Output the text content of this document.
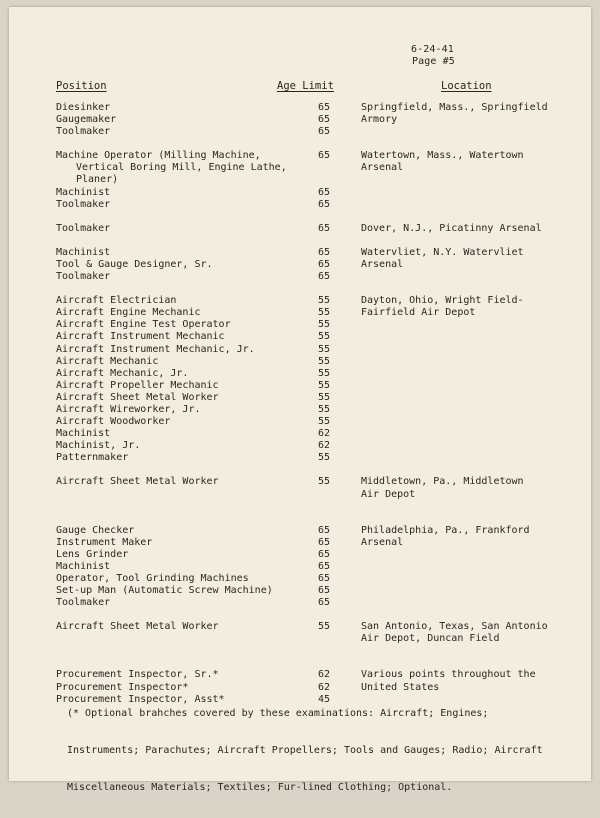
6-24-41
Page #5
Position	Age Limit	Location
Diesinker	65	Springfield, Mass., Springfield
Gaugemaker	65	Armory
Toolmaker	65
Machine Operator (Milling Machine,	65	Watertown, Mass., Watertown
Vertical Boring Mill, Engine Lathe,	Arsenal
Planer)
Machinist	65
Toolmaker	65
Toolmaker	65	Dover, N.J., Picatinny Arsenal
Machinist	65	Watervliet, N.Y. Watervliet
Tool & Gauge Designer, Sr.	65	Arsenal
Toolmaker	65
Aircraft Electrician	55	Dayton, Ohio, Wright Field-
Aircraft Engine Mechanic	55	Fairfield Air Depot
Aircraft Engine Test Operator	55
Aircraft Instrument Mechanic	55
Aircraft Instrument Mechanic, Jr.	55
Aircraft Mechanic	55
Aircraft Mechanic, Jr.	55
Aircraft Propeller Mechanic	55
Aircraft Sheet Metal Worker	55
Aircraft Wireworker, Jr.	55
Aircraft Woodworker	55
Machinist	62
Machinist, Jr.	62
Patternmaker	55
Aircraft Sheet Metal Worker	55	Middletown, Pa., Middletown
Air Depot
Gauge Checker	65	Philadelphia, Pa., Frankford
Instrument Maker	65	Arsenal
Lens Grinder	65
Machinist	65
Operator, Tool Grinding Machines	65
Set-up Man (Automatic Screw Machine)	65
Toolmaker	65
Aircraft Sheet Metal Worker	55	San Antonio, Texas, San Antonio
Air Depot, Duncan Field
Procurement Inspector, Sr.*	62	Various points throughout the
Procurement Inspector*	62	United States
Procurement Inspector, Asst*	45

(* Optional brahches covered by these examinations: Aircraft; Engines;

Instruments; Parachutes; Aircraft Propellers; Tools and Gauges; Radio; Aircraft

Miscellaneous Materials; Textiles; Fur-lined Clothing; Optional.
